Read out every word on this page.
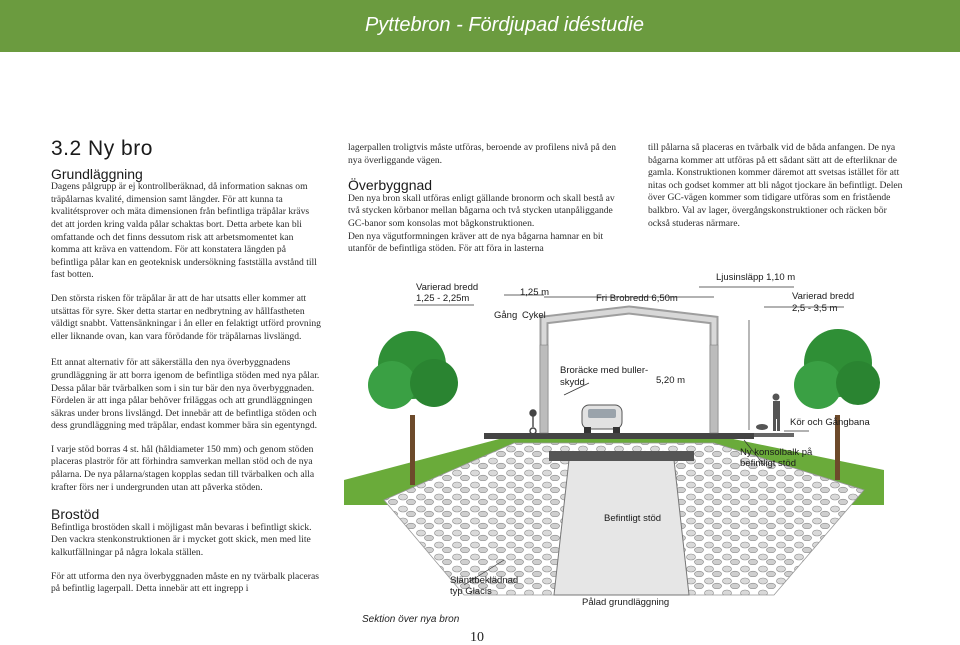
Pyttebron - Fördjupad idéstudie
3.2 Ny bro
Grundläggning

Dagens pålgrupp är ej kontrollberäknad, då information saknas om träpålarnas kvalité, dimension samt längder. För att kunna ta kvalitétsprover och mäta dimensionen från befintliga träpålar krävs det att jorden kring valda pålar schaktas bort. Detta arbete kan bli omfattande och det finns dessutom risk att arbetsmomentet kan komma att kräva en vattendom. För att konstatera längden på befintliga pålar kan en geoteknisk undersökning fastställa avstånd till fast botten.

Den största risken för träpålar är att de har utsatts eller kommer att utsättas för syre. Sker detta startar en nedbrytning av hållfastheten väldigt snabbt. Vattensänkningar i ån eller en felaktigt utförd provning eller liknande ovan, kan vara förödande för träpålarnas livslängd.

Ett annat alternativ för att säkerställa den nya överbyggnadens grundläggning är att borra igenom de befintliga stöden med nya pålar. Dessa pålar bär tvärbalken som i sin tur bär den nya överbyggnaden. Fördelen är att inga pålar behöver friläggas och att grundläggningen säkras under brons livslängd. Det innebär att de befintliga stöden och dess grundläggning med träpålar, endast kommer bära sin egentyngd.

I varje stöd borras 4 st. hål (håldiameter 150 mm) och genom stöden placeras plaströr för att förhindra samverkan mellan stöd och de nya pålarna. De nya pålarna/stagen kopplas sedan till tvärbalken och alla krafter förs ner i undergrunden utan att påverka stöden.

Brostöd

Befintliga brostöden skall i möjligast mån bevaras i befintligt skick. Den vackra stenkonstruktionen är i mycket gott skick, men med lite kalkutfällningar på några lokala ställen.

För att utforma den nya överbyggnaden måste en ny tvärbalk placeras på befintlig lagerpall. Detta innebär att ett ingrepp i

lagerpallen troligtvis måste utföras, beroende av profilens nivå på den nya överliggande vägen.

Överbyggnad

Den nya bron skall utföras enligt gällande bronorm och skall bestå av två stycken körbanor mellan bågarna och två stycken utanpåliggande GC-banor som konsolas mot bågkonstruktionen.

Den nya vägutformningen kräver att de nya bågarna hamnar en bit utanför de befintliga stöden. För att föra in lasterna

till pålarna så placeras en tvärbalk vid de båda anfangen. De nya bågarna kommer att utföras på ett sådant sätt att de efterliknar de gamla. Konstruktionen kommer däremot att svetsas istället för att nitas och godset kommer att bli något tjockare än befintligt. Delen över GC-vägen kommer som tidigare utföras som en fristående balkbro. Val av lager, övergångskonstruktioner och räcken bör också studeras närmare.

Varierad bredd
1,25 - 2,25m
1,25 m
Gång Cykel
Fri Brobredd 6,50m
Ljusinsläpp 1,10 m
Varierad bredd
2,5 - 3,5 m
Broräcke med buller-
skydd	5,20 m
Kör och Gångbana
Ny konsolbalk på
befintligt stöd
Befintligt stöd
Slänttbeklädnad
typ Glacis
Pålad grundläggning
Sektion över nya bron
10
